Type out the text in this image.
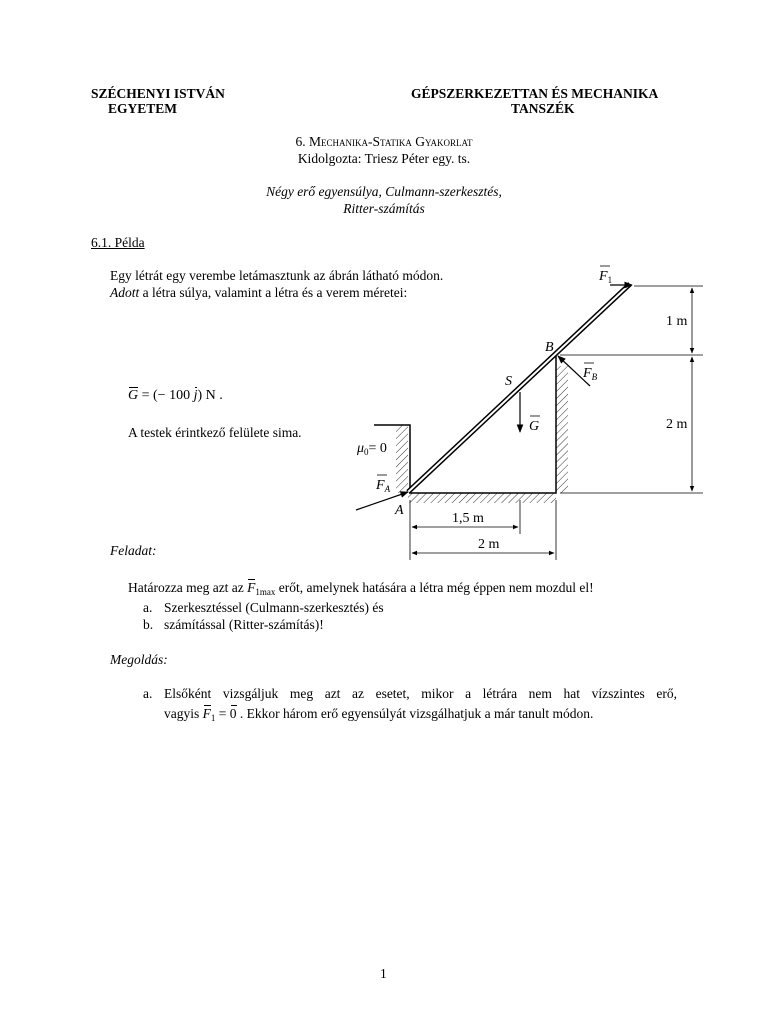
SZÉCHENYI ISTVÁN
EGYETEM
GÉPSZERKEZETTAN ÉS MECHANIKA
TANSZÉK
6. Mechanika-Statika Gyakorlat
Kidolgozta: Triesz Péter egy. ts.
Négy erő egyensúlya, Culmann-szerkesztés,
Ritter-számítás
6.1. Példa
Egy létrát egy verembe letámasztunk az ábrán látható módon.
Adott a létra súlya, valamint a létra és a verem méretei:
G = (− 100 j) N .
A testek érintkező felülete sima.
$F_1$
$F_B$
$F_A$
G
S
B
A
$\mu_0= 0$
1 m
2 m
1,5 m
2 m
Feladat:
Határozza meg azt az $F_{1max}$ erőt, amelynek hatására a létra még éppen nem mozdul el!
a. Szerkesztéssel (Culmann-szerkesztés) és
b. számítással (Ritter-számítás)!
Megoldás:
a. Elsőként vizsgáljuk meg azt az esetet, mikor a létrára nem hat vízszintes erő,
vagyis $F_1 = 0$ . Ekkor három erő egyensúlyát vizsgálhatjuk a már tanult módon.
1
